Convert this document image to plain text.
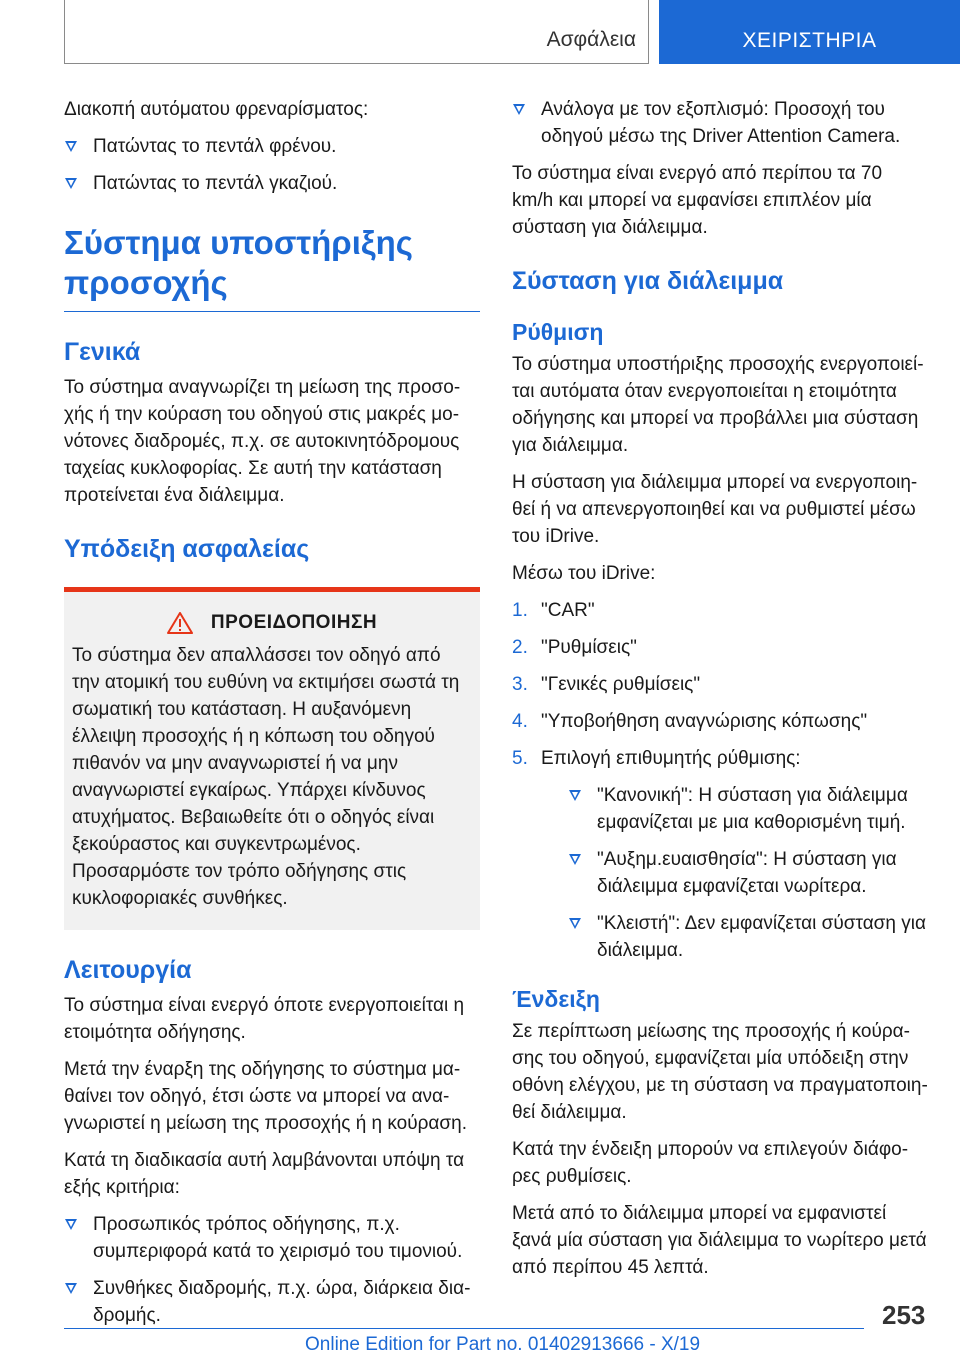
Ασφάλεια	ΧΕΙΡΙΣΤΗΡΙΑ

Διακοπή αυτόματου φρεναρίσματος:

Πατώντας το πεντάλ φρένου.
Πατώντας το πεντάλ γκαζιού.
Σύστημα υποστήριξης προσοχής
Γενικά

Το σύστημα αναγνωρίζει τη μείωση της προσοχής ή την κούραση του οδηγού στις μακρές μονότονες διαδρομές, π.χ. σε αυτοκινητόδρομους ταχείας κυκλοφορίας. Σε αυτή την κατάσταση προτείνεται ένα διάλειμμα.

Υπόδειξη ασφαλείας
ΠΡΟΕΙΔΟΠΟΙΗΣΗ

Το σύστημα δεν απαλλάσσει τον οδηγό από την ατομική του ευθύνη να εκτιμήσει σωστά τη σωματική του κατάσταση. Η αυξανόμενη έλλειψη προσοχής ή η κόπωση του οδηγού πιθανόν να μην αναγνωριστεί ή να μην αναγνωριστεί εγκαίρως. Υπάρχει κίνδυνος ατυχήματος. Βεβαιωθείτε ότι ο οδηγός είναι ξεκούραστος και συγκεντρωμένος. Προσαρμόστε τον τρόπο οδήγησης στις κυκλοφοριακές συνθήκες.

Λειτουργία

Το σύστημα είναι ενεργό όποτε ενεργοποιείται η ετοιμότητα οδήγησης.

Μετά την έναρξη της οδήγησης το σύστημα μαθαίνει τον οδηγό, έτσι ώστε να μπορεί να αναγνωριστεί η μείωση της προσοχής ή η κούραση.

Κατά τη διαδικασία αυτή λαμβάνονται υπόψη τα εξής κριτήρια:

Προσωπικός τρόπος οδήγησης, π.χ. συμπεριφορά κατά το χειρισμό του τιμονιού.
Συνθήκες διαδρομής, π.χ. ώρα, διάρκεια διαδρομής.
Ανάλογα με τον εξοπλισμό: Προσοχή του οδηγού μέσω της Driver Attention Camera.

Το σύστημα είναι ενεργό από περίπου τα 70 km/h και μπορεί να εμφανίσει επιπλέον μία σύσταση για διάλειμμα.

Σύσταση για διάλειμμα
Ρύθμιση

Το σύστημα υποστήριξης προσοχής ενεργοποιείται αυτόματα όταν ενεργοποιείται η ετοιμότητα οδήγησης και μπορεί να προβάλλει μια σύσταση για διάλειμμα.

Η σύσταση για διάλειμμα μπορεί να ενεργοποιηθεί ή να απενεργοποιηθεί και να ρυθμιστεί μέσω του iDrive.

Μέσω του iDrive:

1. "CAR"
2. "Ρυθμίσεις"
3. "Γενικές ρυθμίσεις"
4. "Υποβοήθηση αναγνώρισης κόπωσης"
5. Επιλογή επιθυμητής ρύθμισης:
"Κανονική": Η σύσταση για διάλειμμα εμφανίζεται με μια καθορισμένη τιμή.
"Αυξημ.ευαισθησία": Η σύσταση για διάλειμμα εμφανίζεται νωρίτερα.
"Κλειστή": Δεν εμφανίζεται σύσταση για διάλειμμα.
Ένδειξη

Σε περίπτωση μείωσης της προσοχής ή κούρασης του οδηγού, εμφανίζεται μία υπόδειξη στην οθόνη ελέγχου, με τη σύσταση να πραγματοποιηθεί διάλειμμα.

Κατά την ένδειξη μπορούν να επιλεγούν διάφορες ρυθμίσεις.

Μετά από το διάλειμμα μπορεί να εμφανιστεί ξανά μία σύσταση για διάλειμμα το νωρίτερο μετά από περίπου 45 λεπτά.

253
Online Edition for Part no. 01402913666 - X/19
